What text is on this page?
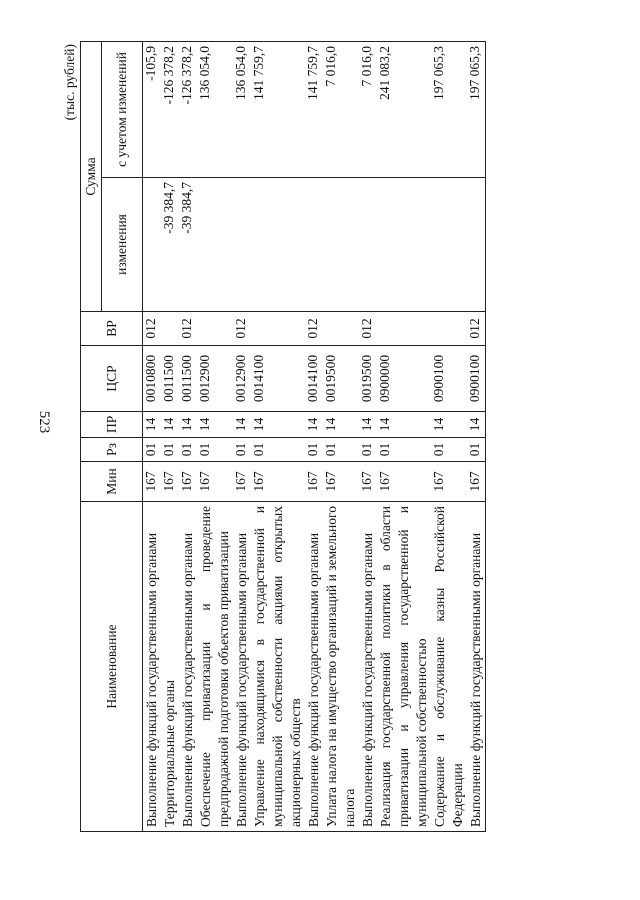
523
(тыс. рублей)
Наименование	Мин	Рз	ПР	ЦСР	ВР	Сумма	
						изменения	с учетом изменений
Выполнение функций государственными органами	167	01	14	0010800	012		-105,9
Территориальные органы	167	01	14	0011500		-39 384,7	-126 378,2
Выполнение функций государственными органами	167	01	14	0011500	012	-39 384,7	-126 378,2
Обеспечение приватизации и проведение предпродажной подготовки объектов приватизации	167	01	14	0012900			136 054,0
Выполнение функций государственными органами	167	01	14	0012900	012		136 054,0
Управление находящимися в государственной и муниципальной собственности акциями открытых акционерных обществ	167	01	14	0014100			141 759,7
Выполнение функций государственными органами	167	01	14	0014100	012		141 759,7
Уплата налога на имущество организаций и земельного налога	167	01	14	0019500			7 016,0
Выполнение функций государственными органами	167	01	14	0019500	012		7 016,0
Реализация государственной политики в области приватизации и управления государственной и муниципальной собственностью	167	01	14	0900000			241 083,2
Содержание и обслуживание казны Российской Федерации	167	01	14	0900100			197 065,3
Выполнение функций государственными органами	167	01	14	0900100	012		197 065,3
